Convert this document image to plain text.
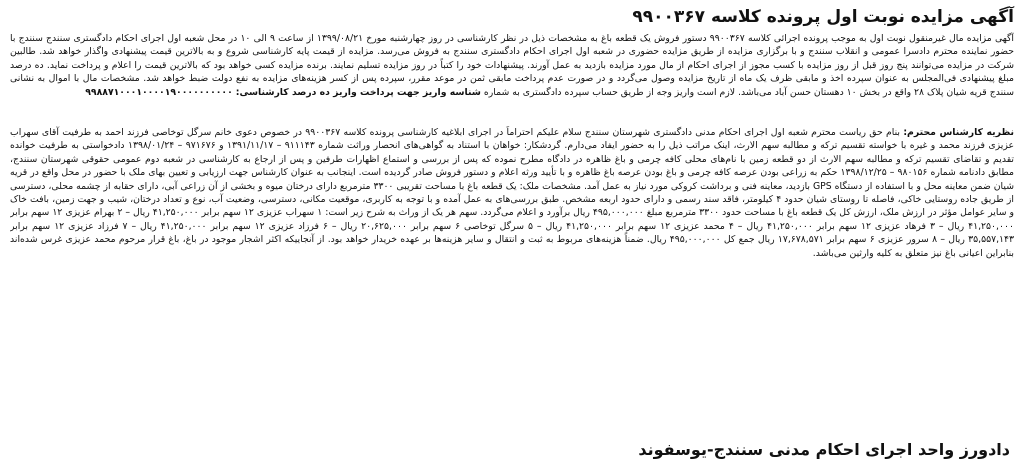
آگهی مزایده نوبت اول پرونده کلاسه ۹۹۰۰۳۶۷

آگهی مزایده مال غیرمنقول نوبت اول به موجب پرونده اجرائی کلاسه ۹۹۰۰۳۶۷ دستور فروش یک قطعه باغ به مشخصات ذیل در نظر کارشناسی در روز چهارشنبه مورخ ۱۳۹۹/۰۸/۲۱ از ساعت ۹ الی ۱۰ در محل شعبه اول اجرای احکام دادگستری سنندج سنندج با حضور نماینده محترم دادسرا عمومی و انقلاب سنندج و با برگزاری مزایده از طریق مزایده حضوری در شعبه اول اجرای احکام دادگستری سنندج به فروش می‌رسد. مزایده از قیمت پایه کارشناسی شروع و به بالاترین قیمت پیشنهادی واگذار خواهد شد. طالبین شرکت در مزایده می‌توانند پنج روز قبل از روز مزایده با کسب مجوز از اجرای احکام از مال مورد مزایده بازدید به عمل آورند. پیشنهادات خود را کتباً در روز مزایده تسلیم نمایند. برنده مزایده کسی خواهد بود که بالاترین قیمت را اعلام و پرداخت نماید. ده درصد مبلغ پیشنهادی فی‌المجلس به عنوان سپرده اخذ و مابقی ظرف یک ماه از تاریخ مزایده وصول می‌گردد و در صورت عدم پرداخت مابقی ثمن در موعد مقرر، سپرده پس از کسر هزینه‌های مزایده به نفع دولت ضبط خواهد شد. مشخصات مال با اموال به نشانی سنندج قریه شیان پلاک ۲۸ واقع در بخش ۱۰ دهستان حسن آباد می‌باشد. لازم است واریز وجه از طریق حساب سپرده دادگستری به شماره شناسه واریز جهت پرداخت واریز ده درصد کارشناسی: ۹۹۸۸۷۱۰۰۰۱۰۰۰۰۱۹۰۰۰۰۰۰۰۰۰۰

نظریه کارشناس محترم: بنام حق ریاست محترم شعبه اول اجرای احکام مدنی دادگستری شهرستان سنندج سلام علیکم احتراماً در اجرای ابلاغیه کارشناسی پرونده کلاسه ۹۹۰۰۳۶۷ در خصوص دعوی خانم سرگل توخاصی فرزند احمد به طرفیت آقای سهراب عزیزی فرزند محمد و غیره با خواسته تقسیم ترکه و مطالبه سهم الارث، اینک مراتب ذیل را به حضور ایفاد می‌دارم. گردشکار: خواهان با استناد به گواهی‌های انحصار وراثت شماره ۹۱۱۱۴۳ – ۱۳۹۱/۱۱/۱۷ و ۹۷۱۶۷۶ – ۱۳۹۸/۰۱/۲۴ دادخواستی به طرفیت خوانده تقدیم و تقاضای تقسیم ترکه و مطالبه سهم الارث از دو قطعه زمین با نام‌های محلی کافه چرمی و باغ ظاهره در دادگاه مطرح نموده که پس از بررسی و استماع اظهارات طرفین و پس از ارجاع به کارشناسی در شعبه دوم عمومی حقوقی شهرستان سنندج، مطابق دادنامه شماره ۹۸۰۱۵۶ – ۱۳۹۸/۱۲/۲۵ حکم به زراعی بودن عرصه کافه چرمی و باغ بودن عرصه باغ ظاهره و با تأیید ورثه اعلام و دستور فروش صادر گردیده است. اینجانب به عنوان کارشناس جهت ارزیابی و تعیین بهای ملک با حضور در محل واقع در قریه شیان ضمن معاینه محل و با استفاده از دستگاه GPS بازدید، معاینه فنی و برداشت کروکی مورد نیاز به عمل آمد. مشخصات ملک: یک قطعه باغ با مساحت تقریبی ۳۳۰۰ مترمربع دارای درختان میوه و بخشی از آن زراعی آبی، دارای حقابه از چشمه محلی، دسترسی از طریق جاده روستایی خاکی، فاصله تا روستای شیان حدود ۴ کیلومتر، فاقد سند رسمی و دارای حدود اربعه مشخص. طبق بررسی‌های به عمل آمده و با توجه به کاربری، موقعیت مکانی، دسترسی، وضعیت آب، نوع و تعداد درختان، شیب و جهت زمین، بافت خاک و سایر عوامل مؤثر در ارزش ملک، ارزش کل یک قطعه باغ با مساحت حدود ۳۳۰۰ مترمربع مبلغ ۴۹۵,۰۰۰,۰۰۰ ریال برآورد و اعلام می‌گردد. سهم هر یک از وراث به شرح زیر است: ۱ سهراب عزیزی ۱۲ سهم برابر ۴۱,۲۵۰,۰۰۰ ریال – ۲ بهرام عزیزی ۱۲ سهم برابر ۴۱,۲۵۰,۰۰۰ ریال – ۳ فرهاد عزیزی ۱۲ سهم برابر ۴۱,۲۵۰,۰۰۰ ریال – ۴ محمد عزیزی ۱۲ سهم برابر ۴۱,۲۵۰,۰۰۰ ریال – ۵ سرگل توخاصی ۶ سهم برابر ۲۰,۶۲۵,۰۰۰ ریال – ۶ فرزاد عزیزی ۱۲ سهم برابر ۴۱,۲۵۰,۰۰۰ ریال – ۷ فرزاد عزیزی ۱۲ سهم برابر ۳۵,۵۵۷,۱۴۳ ریال – ۸ سرور عزیزی ۶ سهم برابر ۱۷,۶۷۸,۵۷۱ ریال جمع کل ۴۹۵,۰۰۰,۰۰۰ ریال. ضمناً هزینه‌های مربوط به ثبت و انتقال و سایر هزینه‌ها بر عهده خریدار خواهد بود. از آنجاییکه اکثر اشجار موجود در باغ، باغ قرار مرحوم محمد عزیزی غرس شده‌اند بنابراین اعیانی باغ نیز متعلق به کلیه وارثین می‌باشد.

دادورز واحد اجرای احکام مدنی سنندج-یوسفوند
